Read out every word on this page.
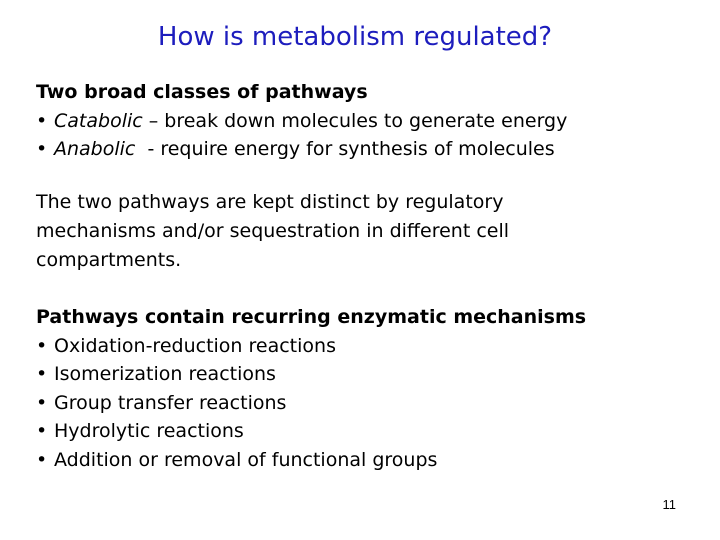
How is metabolism regulated?
Two broad classes of pathways
• Catabolic – break down molecules to generate energy
• Anabolic  - require energy for synthesis of molecules
The two pathways are kept distinct by regulatory
mechanisms and/or sequestration in different cell
compartments.
Pathways contain recurring enzymatic mechanisms
• Oxidation-reduction reactions
• Isomerization reactions
• Group transfer reactions
• Hydrolytic reactions
• Addition or removal of functional groups
11
